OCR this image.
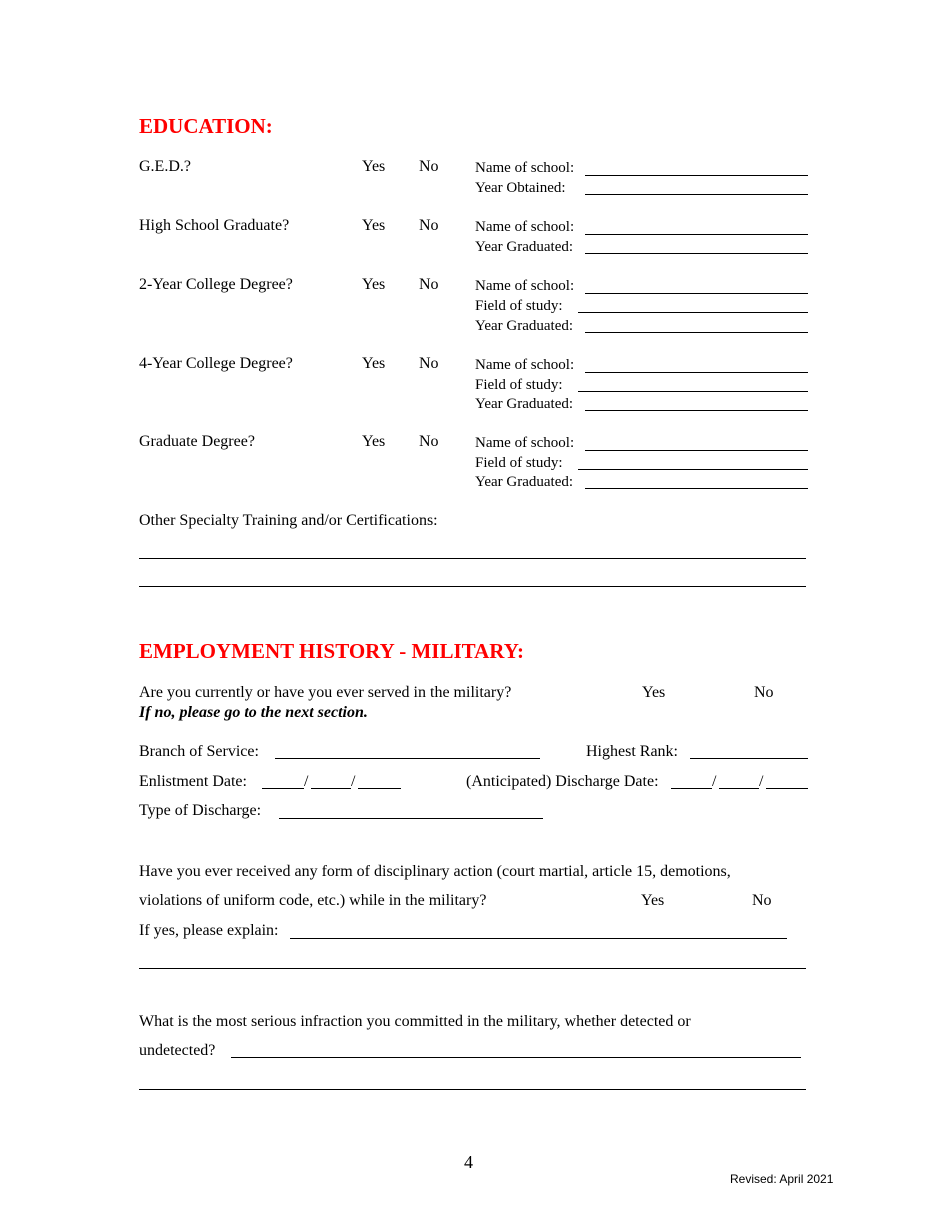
EDUCATION:
G.E.D.?	Yes No Name of school:
Year Obtained:
High School Graduate?	Yes No Name of school:
Year Graduated:
2-Year College Degree?	Yes No Name of school:
Field of study:
Year Graduated:
4-Year College Degree?	Yes No Name of school:
Field of study:
Year Graduated:
Graduate Degree?	Yes No Name of school:
Field of study:
Year Graduated:
Other Specialty Training and/or Certifications:
EMPLOYMENT HISTORY - MILITARY:
Are you currently or have you ever served in the military?	Yes	No
If no, please go to the next section.
Branch of Service:	Highest Rank:
Enlistment Date:	/	/	(Anticipated) Discharge Date:	/	/
Type of Discharge:
Have you ever received any form of disciplinary action (court martial, article 15, demotions,
violations of uniform code, etc.) while in the military?	Yes	No
If yes, please explain:
What is the most serious infraction you committed in the military, whether detected or
undetected?
4
Revised: April 2021
